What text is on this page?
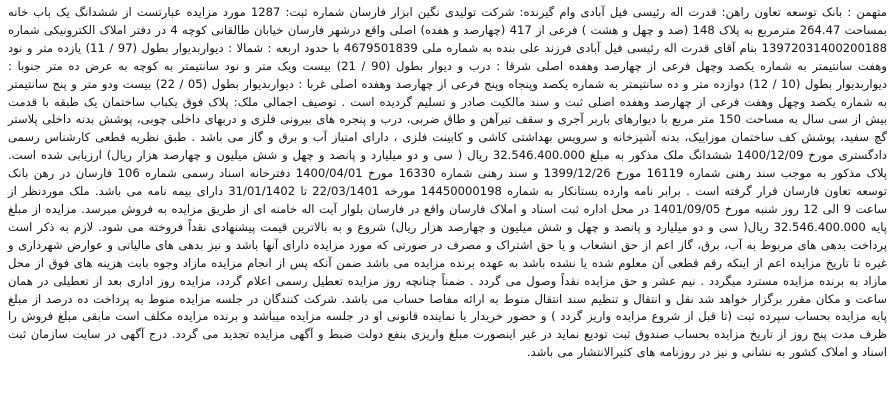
متهمن : بانک توسعه تعاون راهن: قدرت اله رئیسی فیل آبادی وام گیرنده: شرکت تولیدی نگین ابزار فارسان شماره ثبت: 1287 مورد مزایده عبارتست از ششدانگ یک باب خانه بمساحت 264.47 مترمربع به پلاک 148 (صد و چهل و هشت ) فرعی از 417 (چهارصد و هفده) اصلی واقع درشهر فارسان خیابان طالقانی کوچه 4 در دفتر املاک الکترونیکی شماره 13972031400200188 بنام آقای قدرت اله رئیسی فیل آبادی فرزند علی بنده به شماره ملی 4679501839 با حدود اربعه : شمالا : دیواربدیوار بطول (97 / 11) یازده متر و نود وهفت سانتیمتر به شماره یکصد وچهل فرعی از چهارصد وهفده اصلی شرقا : درب و دیوار بطول (90 / 21) بیست ویک متر و نود سانتیمتر به کوچه به عرض ده متر جنوبا : دیواربدیوار بطول (10 / 12) دوازده متر و ده سانتیمتر به شماره یکصد وپنجاه وپنج فرعی از چهارصد وهفده اصلی غربا : دیواربدیوار بطول (05 / 22) بیست ودو متر و پنج سانتیمتر به شماره یکصد وچهل وهفت فرعی از چهارصد وهفده اصلی ثبت و سند مالکیت صادر و تسلیم گردیده است . توصیف اجمالی ملک: پلاک فوق یکباب ساختمان یک طبقه با قدمت بیش از سی سال به مساحت 150 متر مربع با دیوارهای باربر آجری و سقف تیرآهن و طاق ضربی، درب و پنجره های بیرونی فلزی و دربهای داخلی چوبی، پوشش بدنه داخلی پلاستر گچ سفید، پوشش کف ساختمان موزاییک، بدنه آشپزخانه و سرویس بهداشتی کاشی و کابینت فلزی ، دارای امتیاز آب و برق و گاز می باشد . طبق نظریه قطعی کارشناس رسمی دادگستری مورخ 1400/12/09 ششدانگ ملک مذکور به مبلغ 32.546.400.000 ریال ( سی و دو میلیارد و پانصد و چهل و شش میلیون و چهارصد هزار ریال) ارزیابی شده است. پلاک مذکور به موجب سند رهنی شماره 16119 مورخ 1399/12/26 و سند رهنی شماره 16330 مورخ 1400/04/01 دفترخانه اسناد رسمی شماره 106 فارسان در رهن بانک توسعه تعاون فارسان قرار گرفته است . برابر نامه وارده بستانکار به شماره 14450000198 مورخه 22/03/1401 تا 31/01/1402 دارای بیمه نامه می باشد. ملک موردنظر از ساعت 9 الی 12 روز شنبه مورخ 1401/09/05 در محل اداره ثبت اسناد و املاک فارسان واقع در فارسان بلوار آیت اله خامنه ای از طریق مزایده به فروش میرسد. مزایده از مبلغ پایه 32.546.400.000 ریال( سی و دو میلیارد و پانصد و چهل و شش میلیون و چهارصد هزار ریال) شروع و به بالاترین قیمت پیشنهادی نقداً فروخته می شود. لازم به ذکر است پرداخت بدهی های مربوط به آب، برق، گاز اعم از حق انشعاب و یا حق اشتراک و مصرف در صورتی که مورد مزایده دارای آنها باشد و نیز بدهی های مالیاتی و عوارض شهرداری و غیره تا تاریخ مزایده اعم از اینکه رقم قطعی آن معلوم شده یا نشده باشد به عهده برنده مزایده می باشد ضمن آنکه پس از انجام مزایده مازاد وجوه بابت هزینه های فوق از محل مازاد به برنده مزایده مسترد میگردد . نیم عشر و حق مزایده نقداً وصول می گردد . ضمناً چنانچه روز مزایده تعطیل رسمی اعلام گردد، مزایده روز اداری بعد از تعطیلی در همان ساعت و مکان مقرر برگزار خواهد شد نقل و انتقال و تنظیم سند انتقال منوط به ارائه مفاصا حساب می باشد. شرکت کنندگان در جلسه مزایده منوط به پرداخت ده درصد از مبلغ پایه مزایده بحساب سپرده ثبت (تا قبل از شروع مزایده واریز گردد ) و حضور خریدار یا نماینده قانونی او در جلسه مزایده میباشد و برنده مزایده مکلف است مابقی مبلغ فروش را ظرف مدت پنج روز از تاریخ مزایده بحساب صندوق ثبت تودیع نماید در غیر اینصورت مبلغ واریزی بنفع دولت ضبط و آگهی مزایده تجدید می گردد. درج آگهی در سایت سازمان ثبت اسناد و املاک کشور به نشانی و نیز در روزنامه های کثیرالانتشار می باشد.
